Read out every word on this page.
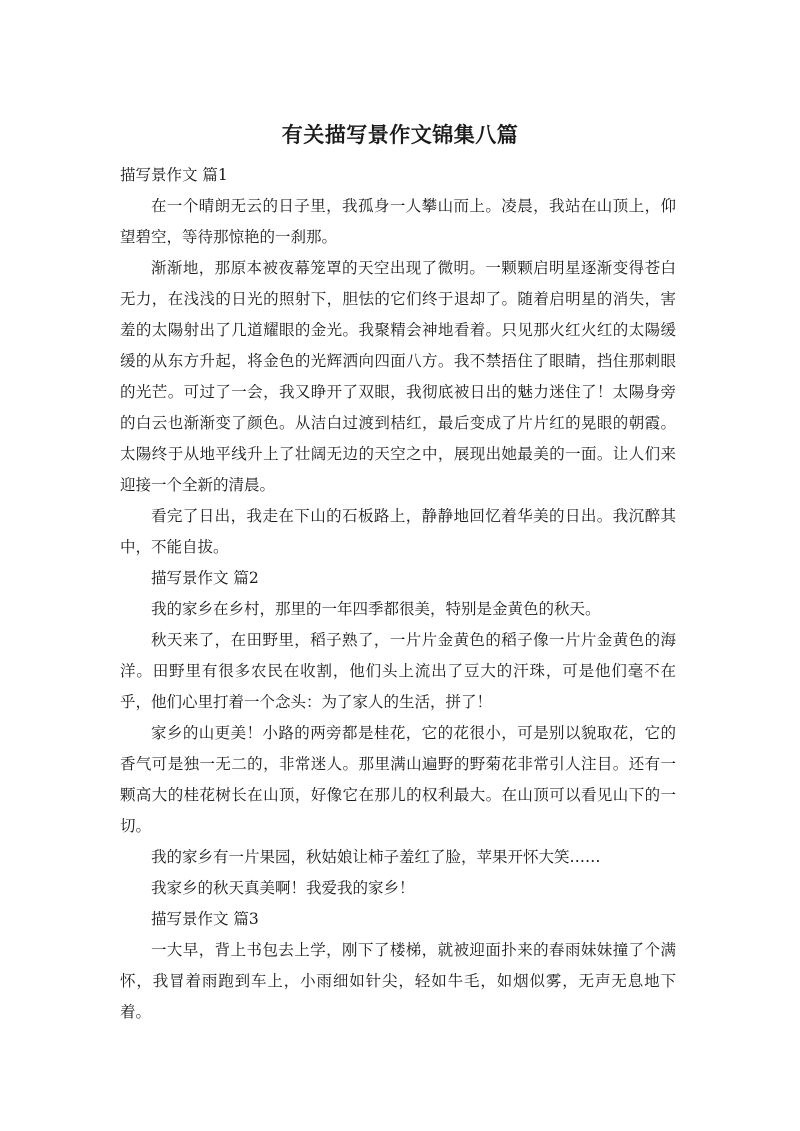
有关描写景作文锦集八篇

描写景作文 篇1

在一个晴朗无云的日子里，我孤身一人攀山而上。凌晨，我站在山顶上，仰望碧空，等待那惊艳的一刹那。

渐渐地，那原本被夜幕笼罩的天空出现了微明。一颗颗启明星逐渐变得苍白无力，在浅浅的日光的照射下，胆怯的它们终于退却了。随着启明星的消失，害羞的太陽射出了几道耀眼的金光。我聚精会神地看着。只见那火红火红的太陽缓缓的从东方升起，将金色的光辉洒向四面八方。我不禁捂住了眼睛，挡住那刺眼的光芒。可过了一会，我又睁开了双眼，我彻底被日出的魅力迷住了！太陽身旁的白云也渐渐变了颜色。从洁白过渡到桔红，最后变成了片片红的晃眼的朝霞。太陽终于从地平线升上了壮阔无边的天空之中，展现出她最美的一面。让人们来迎接一个全新的清晨。

看完了日出，我走在下山的石板路上，静静地回忆着华美的日出。我沉醉其中，不能自拔。

描写景作文 篇2

我的家乡在乡村，那里的一年四季都很美，特别是金黄色的秋天。

秋天来了，在田野里，稻子熟了，一片片金黄色的稻子像一片片金黄色的海洋。田野里有很多农民在收割，他们头上流出了豆大的汗珠，可是他们毫不在乎，他们心里打着一个念头：为了家人的生活，拼了！

家乡的山更美！小路的两旁都是桂花，它的花很小，可是别以貌取花，它的香气可是独一无二的，非常迷人。那里满山遍野的野菊花非常引人注目。还有一颗高大的桂花树长在山顶，好像它在那儿的权利最大。在山顶可以看见山下的一切。

我的家乡有一片果园，秋姑娘让柿子羞红了脸，苹果开怀大笑……

我家乡的秋天真美啊！我爱我的家乡！

描写景作文 篇3

一大早，背上书包去上学，刚下了楼梯，就被迎面扑来的春雨妹妹撞了个满怀，我冒着雨跑到车上，小雨细如针尖，轻如牛毛，如烟似雾，无声无息地下着。
